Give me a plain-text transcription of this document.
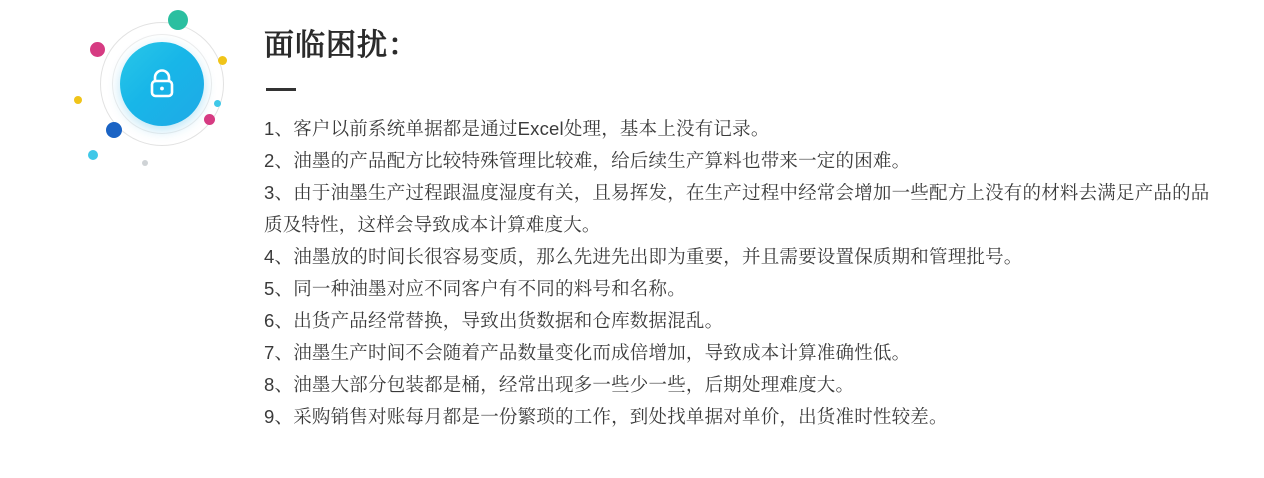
面临困扰：
1、客户以前系统单据都是通过Excel处理，基本上没有记录。
2、油墨的产品配方比较特殊管理比较难，给后续生产算料也带来一定的困难。
3、由于油墨生产过程跟温度湿度有关，且易挥发，在生产过程中经常会增加一些配方上没有的材料去满足产品的品质及特性，这样会导致成本计算难度大。
4、油墨放的时间长很容易变质，那么先进先出即为重要，并且需要设置保质期和管理批号。
5、同一种油墨对应不同客户有不同的料号和名称。
6、出货产品经常替换，导致出货数据和仓库数据混乱。
7、油墨生产时间不会随着产品数量变化而成倍增加，导致成本计算准确性低。
8、油墨大部分包装都是桶，经常出现多一些少一些，后期处理难度大。
9、采购销售对账每月都是一份繁琐的工作，到处找单据对单价，出货准时性较差。
